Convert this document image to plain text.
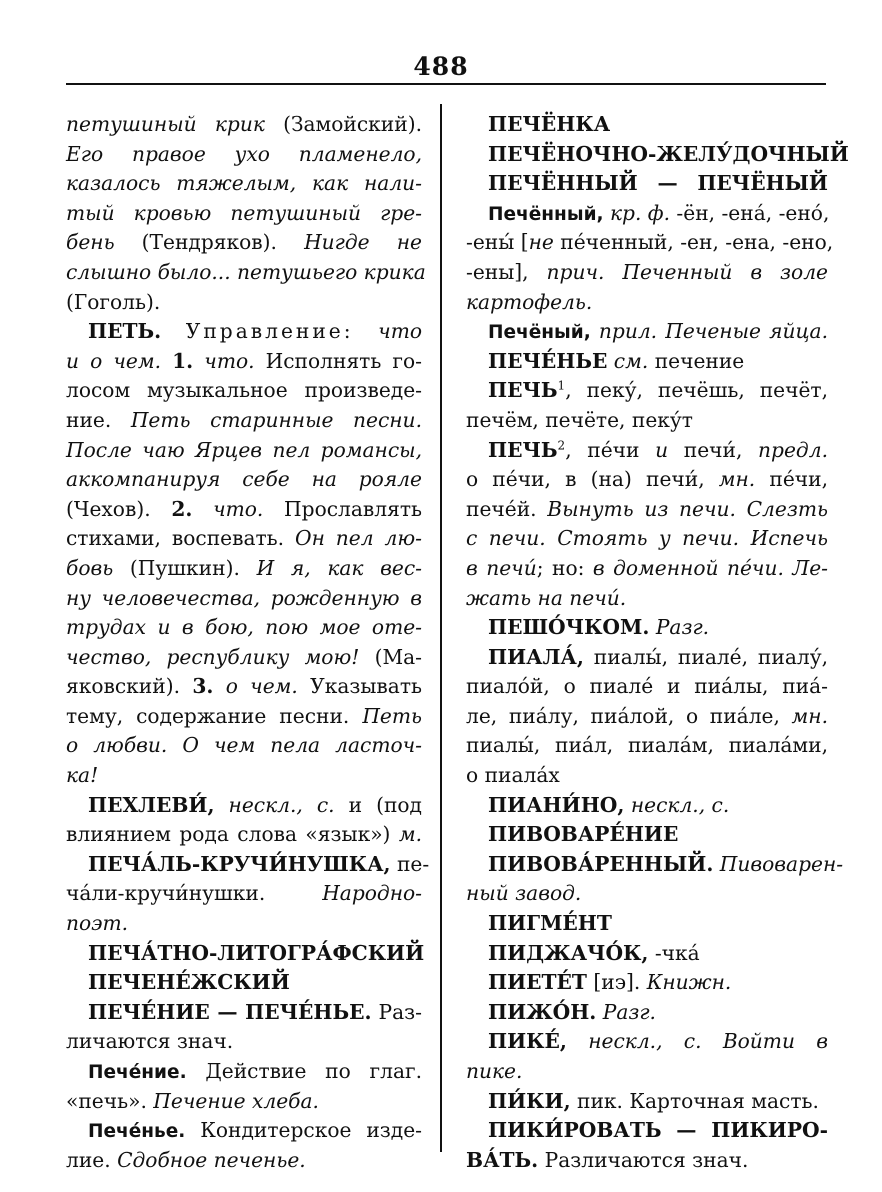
488
петушиный крик (Замойский).
Его правое ухо пламенело,
казалось тяжелым, как нали-
тый кровью петушиный гре-
бень (Тендряков). Нигде не
слышно было... петушьего крика
(Гоголь).
ПЕТЬ. Управление: что
и о чем. 1. что. Исполнять го-
лосом музыкальное произведе-
ние. Петь старинные песни.
После чаю Ярцев пел романсы,
аккомпанируя себе на рояле
(Чехов). 2. что. Прославлять
стихами, воспевать. Он пел лю-
бовь (Пушкин). И я, как вес-
ну человечества, рожденную в
трудах и в бою, пою мое оте-
чество, республику мою! (Ма-
яковский). 3. о чем. Указывать
тему, содержание песни. Петь
о любви. О чем пела ласточ-
ка!
ПЕХЛЕВИ́, нескл., с. и (под
влиянием рода слова «язык») м.
ПЕЧА́ЛЬ-КРУЧИ́НУШКА, пе-
ча́ли-кручи́нушки. Народно-
поэт.
ПЕЧА́ТНО-ЛИТОГРА́ФСКИЙ
ПЕЧЕНЕ́ЖСКИЙ
ПЕЧЕ́НИЕ — ПЕЧЕ́НЬЕ. Раз-
личаются знач.
Пече́ние. Действие по глаг.
«печь». Печение хлеба.
Пече́нье. Кондитерское изде-
лие. Сдобное печенье.
ПЕЧЁНКА
ПЕЧЁНОЧНО-ЖЕЛУ́ДОЧНЫЙ
ПЕЧЁННЫЙ — ПЕЧЁНЫЙ
Печённый, кр. ф. -ён, -ена́, -ено́,
-ены́ [не пе́ченный, -ен, -ена, -ено,
-ены], прич. Печенный в золе
картофель.
Печёный, прил. Печеные яйца.
ПЕЧЕ́НЬЕ см. печение
ПЕЧЬ$^1$, пеку́, печёшь, печёт,
печём, печёте, пеку́т
ПЕЧЬ$^2$, пе́чи и печи́, предл.
о пе́чи, в (на) печи́, мн. пе́чи,
пече́й. Вынуть из печи. Слезть
с печи. Стоять у печи. Испечь
в печи́; но: в доменной пе́чи. Ле-
жать на печи́.
ПЕШО́ЧКОМ. Разг.
ПИАЛА́, пиалы́, пиале́, пиалу́,
пиало́й, о пиале́ и пиа́лы, пиа́-
ле, пиа́лу, пиа́лой, о пиа́ле, мн.
пиалы́, пиа́л, пиала́м, пиала́ми,
о пиала́х
ПИАНИ́НО, нескл., с.
ПИВОВАРЕ́НИЕ
ПИВОВА́РЕННЫЙ. Пивоварен-
ный завод.
ПИГМЕ́НТ
ПИДЖАЧО́К, -чка́
ПИЕТЕ́Т [иэ]. Книжн.
ПИЖО́Н. Разг.
ПИКЕ́, нескл., с. Войти в
пике.
ПИ́КИ, пик. Карточная масть.
ПИКИ́РОВАТЬ — ПИКИРО-
ВА́ТЬ. Различаются знач.
